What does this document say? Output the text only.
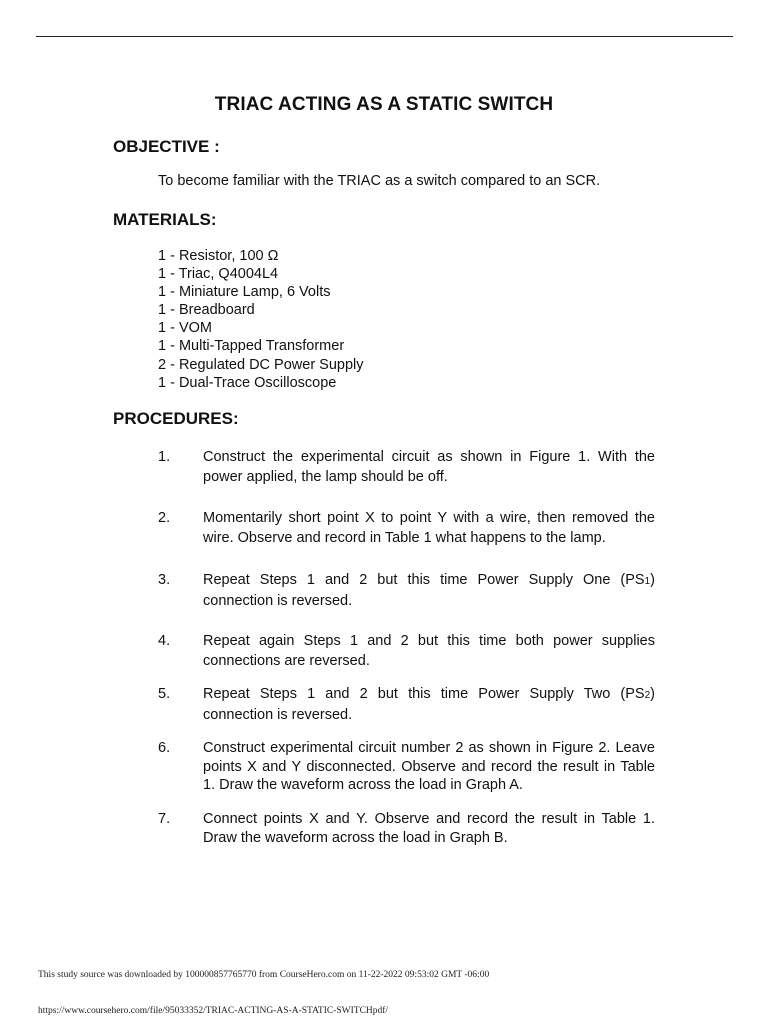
TRIAC ACTING AS A STATIC SWITCH
OBJECTIVE :
To become familiar with the TRIAC as a switch compared to an SCR.
MATERIALS:
1 - Resistor, 100 Ω
1 - Triac, Q4004L4
1 - Miniature Lamp, 6 Volts
1 - Breadboard
1 - VOM
1 - Multi-Tapped Transformer
2 - Regulated DC Power Supply
1 - Dual-Trace Oscilloscope
PROCEDURES:
1. Construct the experimental circuit as shown in Figure 1. With the power applied, the lamp should be off.
2. Momentarily short point X to point Y with a wire, then removed the wire. Observe and record in Table 1 what happens to the lamp.
3. Repeat Steps 1 and 2 but this time Power Supply One (PS1) connection is reversed.
4. Repeat again Steps 1 and 2 but this time both power supplies connections are reversed.
5. Repeat Steps 1 and 2 but this time Power Supply Two (PS2) connection is reversed.
6. Construct experimental circuit number 2 as shown in Figure 2. Leave points X and Y disconnected. Observe and record the result in Table 1. Draw the waveform across the load in Graph A.
7. Connect points X and Y. Observe and record the result in Table 1. Draw the waveform across the load in Graph B.
This study source was downloaded by 100000857765770 from CourseHero.com on 11-22-2022 09:53:02 GMT -06:00
https://www.coursehero.com/file/95033352/TRIAC-ACTING-AS-A-STATIC-SWITCHpdf/
